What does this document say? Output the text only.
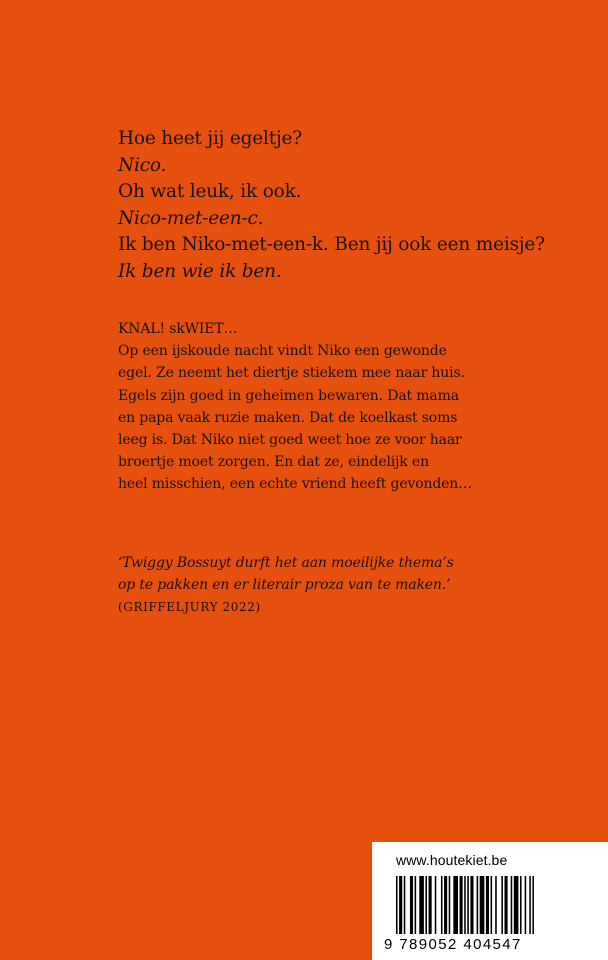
Hoe heet jij egeltje?
Nico.
Oh wat leuk, ik ook.
Nico-met-een-c.
Ik ben Niko-met-een-k. Ben jij ook een meisje?
Ik ben wie ik ben.
KNAL! skWIET…
Op een ijskoude nacht vindt Niko een gewonde
egel. Ze neemt het diertje stiekem mee naar huis.
Egels zijn goed in geheimen bewaren. Dat mama
en papa vaak ruzie maken. Dat de koelkast soms
leeg is. Dat Niko niet goed weet hoe ze voor haar
broertje moet zorgen. En dat ze, eindelijk en
heel misschien, een echte vriend heeft gevonden…
‘Twiggy Bossuyt durft het aan moeilijke thema’s
op te pakken en er literair proza van te maken.’
(GRIFFELJURY 2022)
www.houtekiet.be
9 789052 404547
